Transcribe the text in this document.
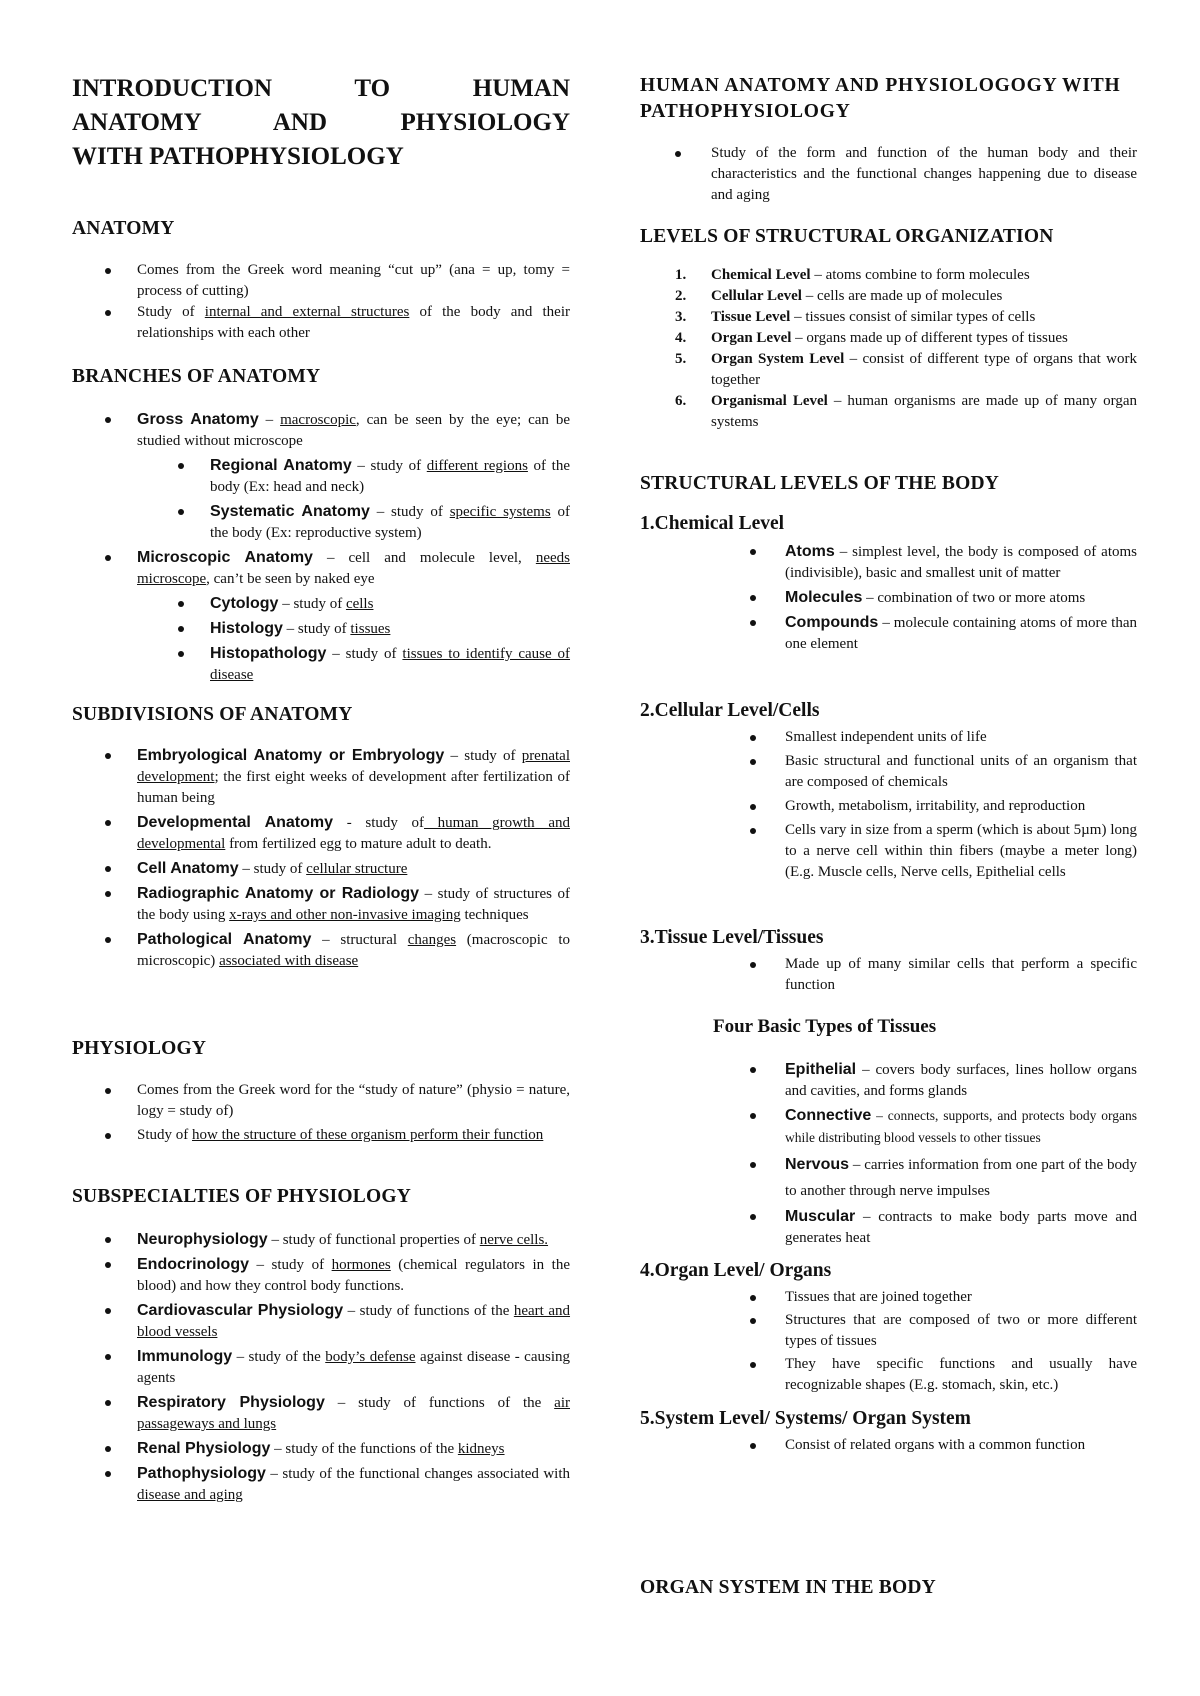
INTRODUCTION TO HUMAN
ANATOMY AND PHYSIOLOGY
WITH PATHOPHYSIOLOGY
ANATOMY
Comes from the Greek word meaning “cut up” (ana = up, tomy = process of cutting)
Study of internal and external structures of the body and their relationships with each other
BRANCHES OF ANATOMY
Gross Anatomy – macroscopic, can be seen by the eye; can be studied without microscope
Regional Anatomy – study of different regions of the body (Ex: head and neck)
Systematic Anatomy – study of specific systems of the body (Ex: reproductive system)
Microscopic Anatomy – cell and molecule level, needs microscope, can’t be seen by naked eye
Cytology – study of cells
Histology – study of tissues
Histopathology – study of tissues to identify cause of disease
SUBDIVISIONS OF ANATOMY
Embryological Anatomy or Embryology – study of prenatal development; the first eight weeks of development after fertilization of human being
Developmental Anatomy - study of human growth and developmental from fertilized egg to mature adult to death.
Cell Anatomy – study of cellular structure
Radiographic Anatomy or Radiology – study of structures of the body using x-rays and other non-invasive imaging techniques
Pathological Anatomy – structural changes (macroscopic to microscopic) associated with disease
PHYSIOLOGY
Comes from the Greek word for the “study of nature” (physio = nature, logy = study of)
Study of how the structure of these organism perform their function
SUBSPECIALTIES OF PHYSIOLOGY
Neurophysiology – study of functional properties of nerve cells.
Endocrinology – study of hormones (chemical regulators in the blood) and how they control body functions.
Cardiovascular Physiology – study of functions of the heart and blood vessels
Immunology – study of the body’s defense against disease - causing agents
Respiratory Physiology – study of functions of the air passageways and lungs
Renal Physiology – study of the functions of the kidneys
Pathophysiology – study of the functional changes associated with disease and aging
HUMAN ANATOMY AND PHYSIOLOGOGY WITH PATHOPHYSIOLOGY
Study of the form and function of the human body and their characteristics and the functional changes happening due to disease and aging
LEVELS OF STRUCTURAL ORGANIZATION
1. Chemical Level – atoms combine to form molecules
2. Cellular Level – cells are made up of molecules
3. Tissue Level – tissues consist of similar types of cells
4. Organ Level – organs made up of different types of tissues
5. Organ System Level – consist of different type of organs that work together
6. Organismal Level – human organisms are made up of many organ systems
STRUCTURAL LEVELS OF THE BODY
1.Chemical Level
Atoms – simplest level, the body is composed of atoms (indivisible), basic and smallest unit of matter
Molecules – combination of two or more atoms
Compounds – molecule containing atoms of more than one element
2.Cellular Level/Cells
Smallest independent units of life
Basic structural and functional units of an organism that are composed of chemicals
Growth, metabolism, irritability, and reproduction
Cells vary in size from a sperm (which is about 5µm) long to a nerve cell within thin fibers (maybe a meter long) (E.g. Muscle cells, Nerve cells, Epithelial cells
3.Tissue Level/Tissues
Made up of many similar cells that perform a specific function
Four Basic Types of Tissues
Epithelial – covers body surfaces, lines hollow organs and cavities, and forms glands
Connective – connects, supports, and protects body organs while distributing blood vessels to other tissues
Nervous – carries information from one part of the body to another through nerve impulses
Muscular – contracts to make body parts move and generates heat
4.Organ Level/ Organs
Tissues that are joined together
Structures that are composed of two or more different types of tissues
They have specific functions and usually have recognizable shapes (E.g. stomach, skin, etc.)
5.System Level/ Systems/ Organ System
Consist of related organs with a common function
ORGAN SYSTEM IN THE BODY
